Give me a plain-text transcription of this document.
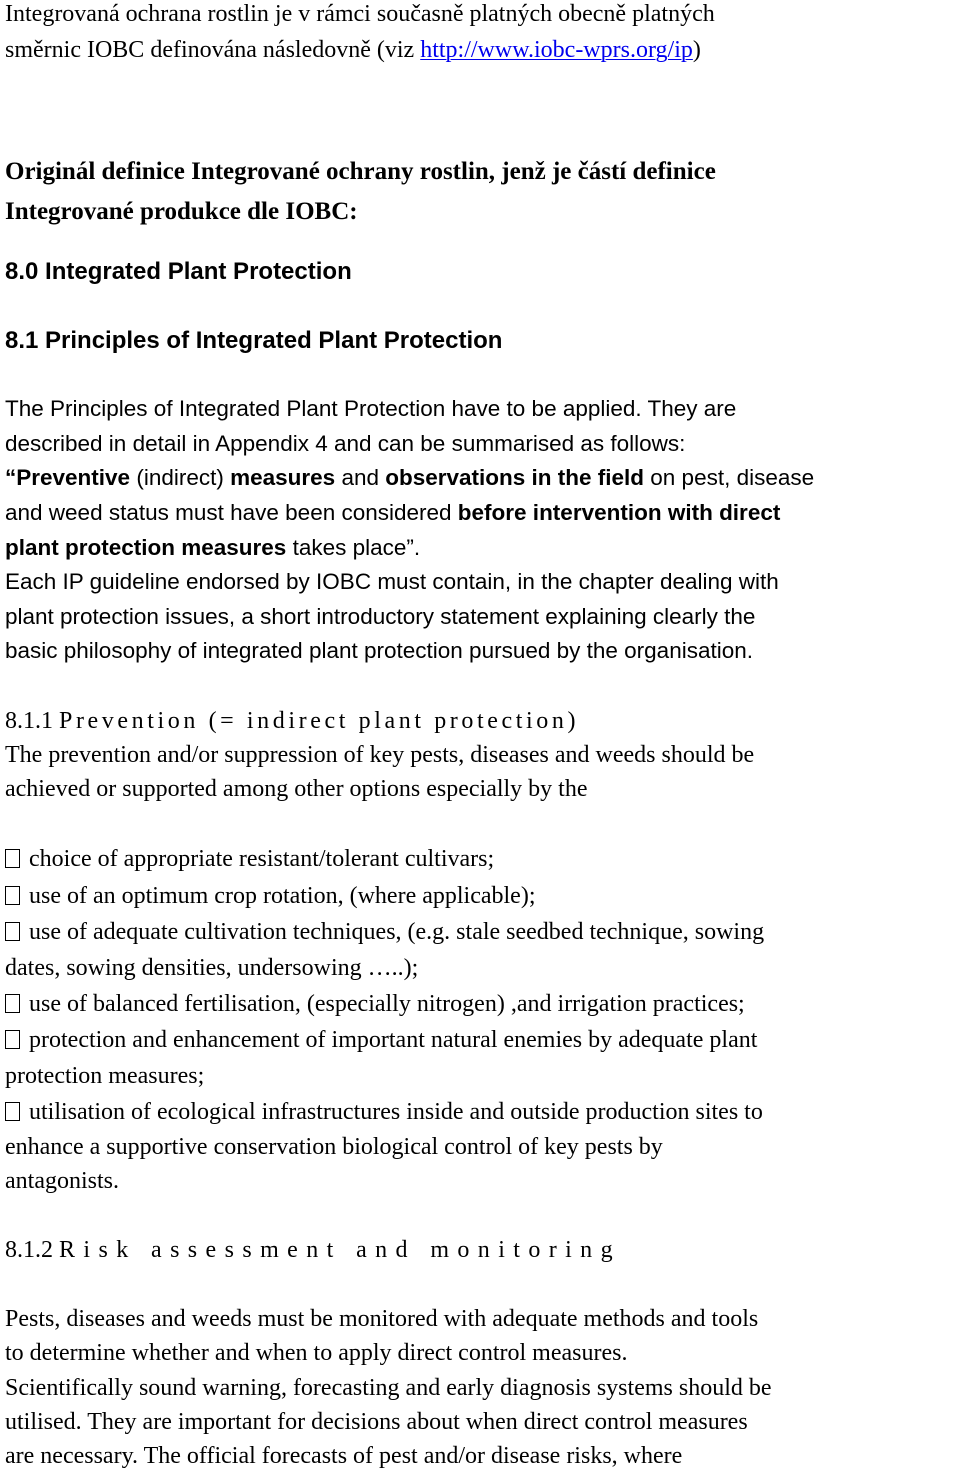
Integrovaná ochrana rostlin je v rámci současně platných obecně platných
směrnic IOBC definována následovně (viz http://www.iobc-wprs.org/ip)
Originál definice Integrované ochrany rostlin, jenž je částí definice
Integrované produkce dle IOBC:
8.0 Integrated Plant Protection
8.1 Principles of Integrated Plant Protection
The Principles of Integrated Plant Protection have to be applied. They are
described in detail in Appendix 4 and can be summarised as follows:
“Preventive (indirect) measures and observations in the field on pest, disease
and weed status must have been considered before intervention with direct
plant protection measures takes place”.
Each IP guideline endorsed by IOBC must contain, in the chapter dealing with
plant protection issues, a short introductory statement explaining clearly the
basic philosophy of integrated plant protection pursued by the organisation.
8.1.1 Prevention (= indirect plant protection)
The prevention and/or suppression of key pests, diseases and weeds should be
achieved or supported among other options especially by the
choice of appropriate resistant/tolerant cultivars;
use of an optimum crop rotation, (where applicable);
use of adequate cultivation techniques, (e.g. stale seedbed technique, sowing
dates, sowing densities, undersowing …..);
use of balanced fertilisation, (especially nitrogen) ,and irrigation practices;
protection and enhancement of important natural enemies by adequate plant
protection measures;
utilisation of ecological infrastructures inside and outside production sites to
enhance a supportive conservation biological control of key pests by
antagonists.
8.1.2 Risk assessment and monitoring
Pests, diseases and weeds must be monitored with adequate methods and tools
to determine whether and when to apply direct control measures.
Scientifically sound warning, forecasting and early diagnosis systems should be
utilised. They are important for decisions about when direct control measures
are necessary. The official forecasts of pest and/or disease risks, where
